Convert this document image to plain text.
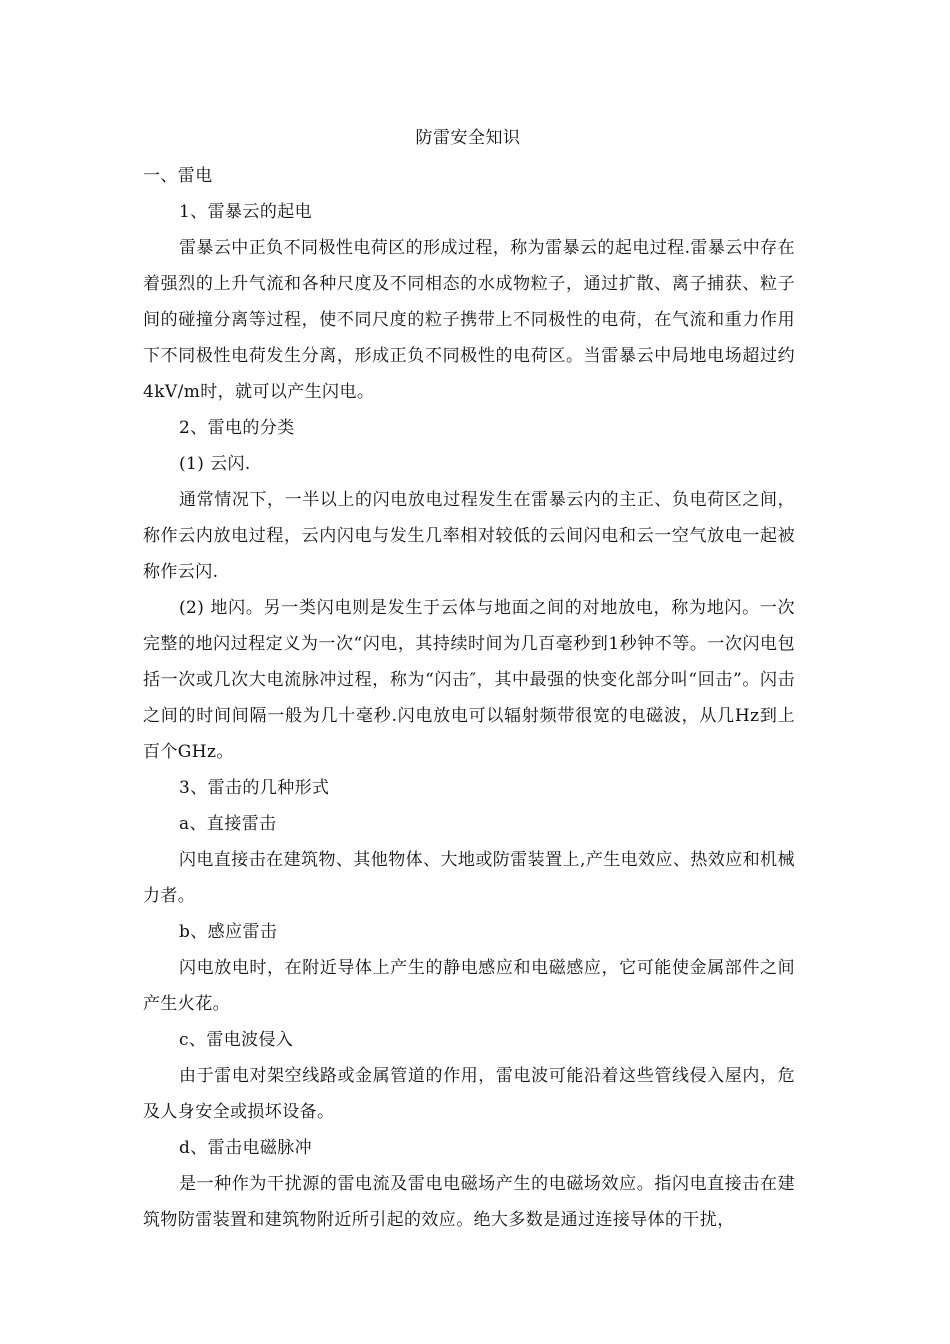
防雷安全知识

一、雷电

1、雷暴云的起电

雷暴云中正负不同极性电荷区的形成过程，称为雷暴云的起电过程.雷暴云中存在着强烈的上升气流和各种尺度及不同相态的水成物粒子，通过扩散、离子捕获、粒子间的碰撞分离等过程，使不同尺度的粒子携带上不同极性的电荷，在气流和重力作用下不同极性电荷发生分离，形成正负不同极性的电荷区。当雷暴云中局地电场超过约4kV/m时，就可以产生闪电。

2、雷电的分类

(1) 云闪.

通常情况下，一半以上的闪电放电过程发生在雷暴云内的主正、负电荷区之间，称作云内放电过程，云内闪电与发生几率相对较低的云间闪电和云一空气放电一起被称作云闪.

(2) 地闪。另一类闪电则是发生于云体与地面之间的对地放电，称为地闪。一次完整的地闪过程定义为一次“闪电，其持续时间为几百毫秒到1秒钟不等。一次闪电包括一次或几次大电流脉冲过程，称为“闪击″，其中最强的快变化部分叫“回击”。闪击之间的时间间隔一般为几十毫秒.闪电放电可以辐射频带很宽的电磁波，从几Hz到上百个GHz。

3、雷击的几种形式

a、直接雷击

闪电直接击在建筑物、其他物体、大地或防雷装置上,产生电效应、热效应和机械力者。

b、感应雷击

闪电放电时，在附近导体上产生的静电感应和电磁感应，它可能使金属部件之间产生火花。

c、雷电波侵入

由于雷电对架空线路或金属管道的作用，雷电波可能沿着这些管线侵入屋内，危及人身安全或损坏设备。

d、雷击电磁脉冲

是一种作为干扰源的雷电流及雷电电磁场产生的电磁场效应。指闪电直接击在建筑物防雷装置和建筑物附近所引起的效应。绝大多数是通过连接导体的干扰，
